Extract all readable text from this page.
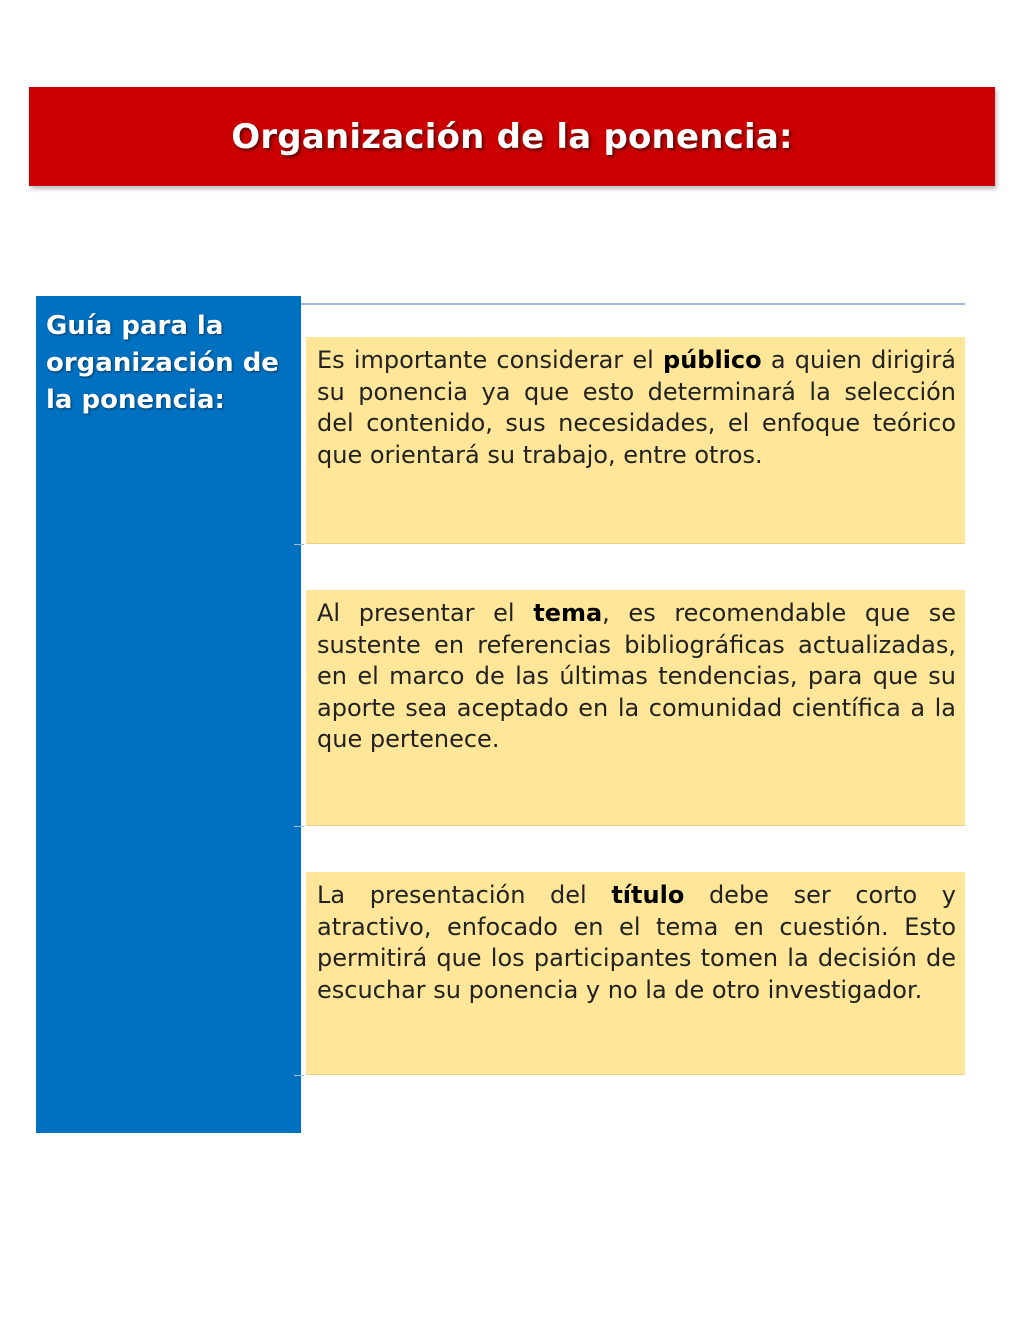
Organización de la ponencia:
Guía para la organización de la ponencia:

Es importante considerar el público a quien dirigirá su ponencia ya que esto determinará la selección del contenido, sus necesidades, el enfoque teórico que orientará su trabajo, entre otros.

Al presentar el tema, es recomendable que se sustente en referencias bibliográficas actualizadas, en el marco de las últimas tendencias, para que su aporte sea aceptado en la comunidad científica a la que pertenece.

La presentación del título debe ser corto y atractivo, enfocado en el tema en cuestión. Esto permitirá que los participantes tomen la decisión de escuchar su ponencia y no la de otro investigador.
